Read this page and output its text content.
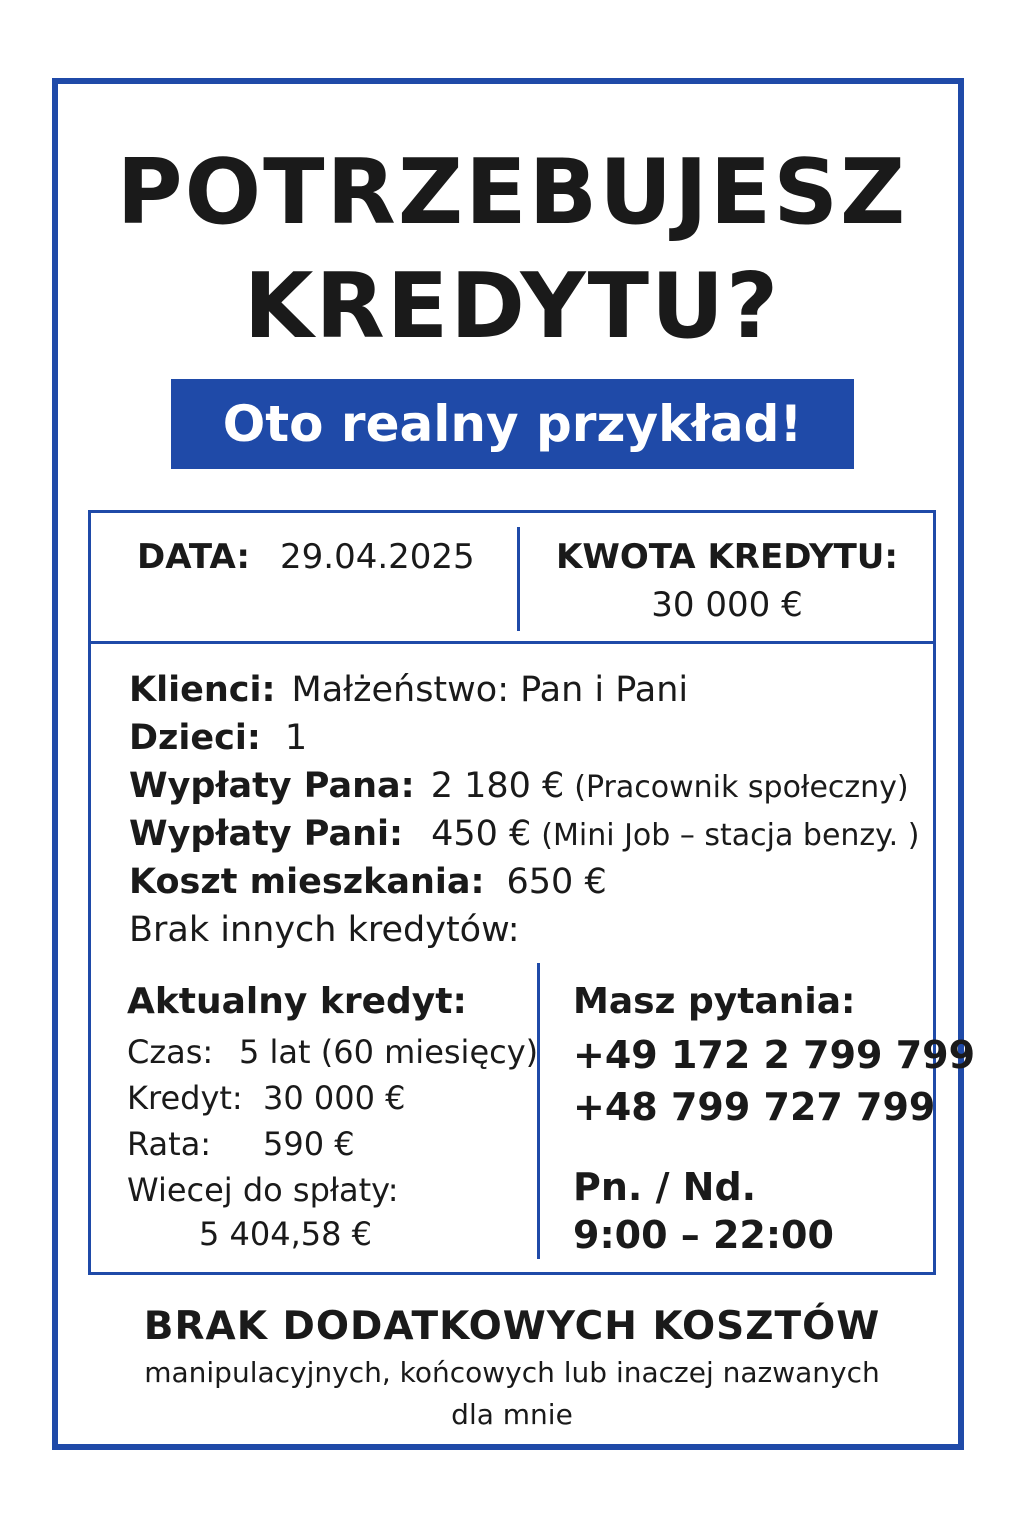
POTRZEBUJESZ
KREDYTU?
Oto realny przykład!
DATA: 29.04.2025	KWOTA KREDYTU:
30 000 €
Klienci: Małżeństwo: Pan i Pani
Dzieci: 1
Wypłaty Pana: 2 180 € (Pracownik społeczny)
Wypłaty Pani: 450 € (Mini Job – stacja benzy. )
Koszt mieszkania: 650 €
Brak innych kredytów:
Aktualny kredyt:
Czas: 5 lat (60 miesięcy)
Kredyt: 30 000 €
Rata: 590 €
Wiecej do spłaty:
5 404,58 €
Masz pytania:
+49 172 2 799 799
+48 799 727 799
Pn. / Nd.
9:00 – 22:00
BRAK DODATKOWYCH KOSZTÓW
manipulacyjnych, końcowych lub inaczej nazwanych
dla mnie
